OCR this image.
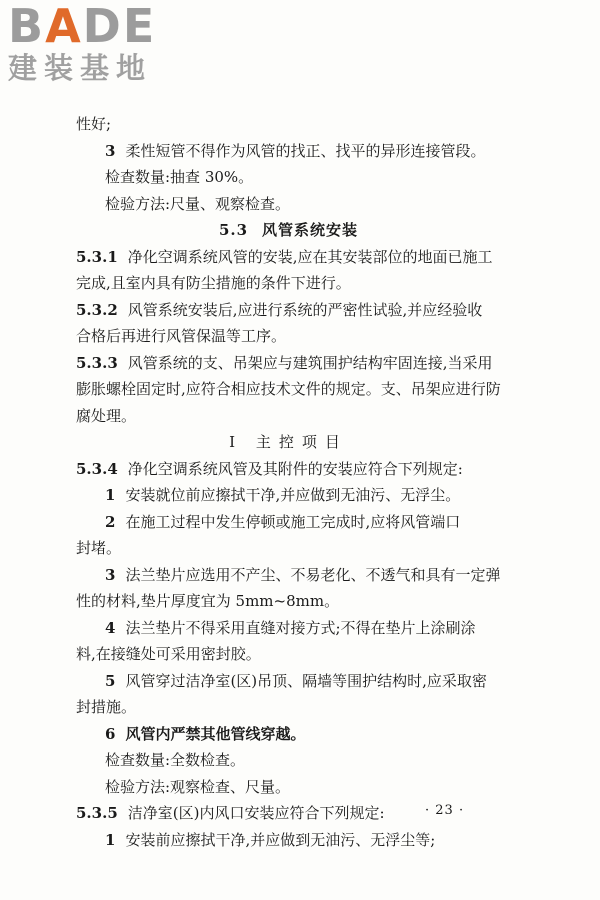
BADE
建装基地

性好;

3 柔性短管不得作为风管的找正、找平的异形连接管段。

检查数量:抽查 30%。

检验方法:尺量、观察检查。

5.3 风管系统安装

5.3.1 净化空调系统风管的安装,应在其安装部位的地面已施工

完成,且室内具有防尘措施的条件下进行。

5.3.2 风管系统安装后,应进行系统的严密性试验,并应经验收

合格后再进行风管保温等工序。

5.3.3 风管系统的支、吊架应与建筑围护结构牢固连接,当采用

膨胀螺栓固定时,应符合相应技术文件的规定。支、吊架应进行防

腐处理。

Ⅰ 主控项目

5.3.4 净化空调系统风管及其附件的安装应符合下列规定:

1 安装就位前应擦拭干净,并应做到无油污、无浮尘。

2 在施工过程中发生停顿或施工完成时,应将风管端口

封堵。

3 法兰垫片应选用不产尘、不易老化、不透气和具有一定弹

性的材料,垫片厚度宜为 5mm~8mm。

4 法兰垫片不得采用直缝对接方式;不得在垫片上涂刷涂

料,在接缝处可采用密封胶。

5 风管穿过洁净室(区)吊顶、隔墙等围护结构时,应采取密

封措施。

6 风管内严禁其他管线穿越。

检查数量:全数检查。

检验方法:观察检查、尺量。

5.3.5 洁净室(区)内风口安装应符合下列规定:

1 安装前应擦拭干净,并应做到无油污、无浮尘等;

· 23 ·
